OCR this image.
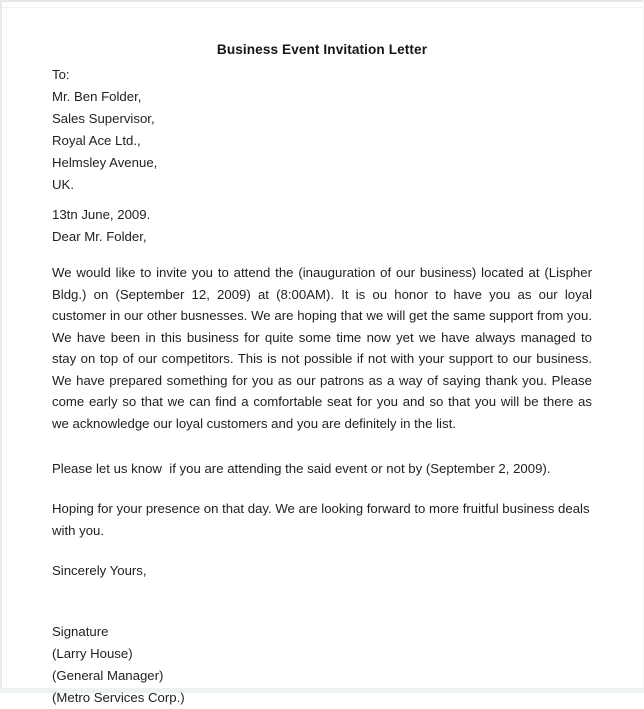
Business Event Invitation Letter
To:
Mr. Ben Folder,
Sales Supervisor,
Royal Ace Ltd.,
Helmsley Avenue,
UK.
13tn June, 2009.
Dear Mr. Folder,
We would like to invite you to attend the (inauguration of our business) located at (Lispher Bldg.) on (September 12, 2009) at (8:00AM). It is ou honor to have you as our loyal customer in our other busnesses. We are hoping that we will get the same support from you. We have been in this business for quite some time now yet we have always managed to stay on top of our competitors. This is not possible if not with your support to our business. We have prepared something for you as our patrons as a way of saying thank you. Please come early so that we can find a comfortable seat for you and so that you will be there as we acknowledge our loyal customers and you are definitely in the list.
Please let us know  if you are attending the said event or not by (September 2, 2009).
Hoping for your presence on that day. We are looking forward to more fruitful business deals with you.
Sincerely Yours,
Signature
(Larry House)
(General Manager)
(Metro Services Corp.)
